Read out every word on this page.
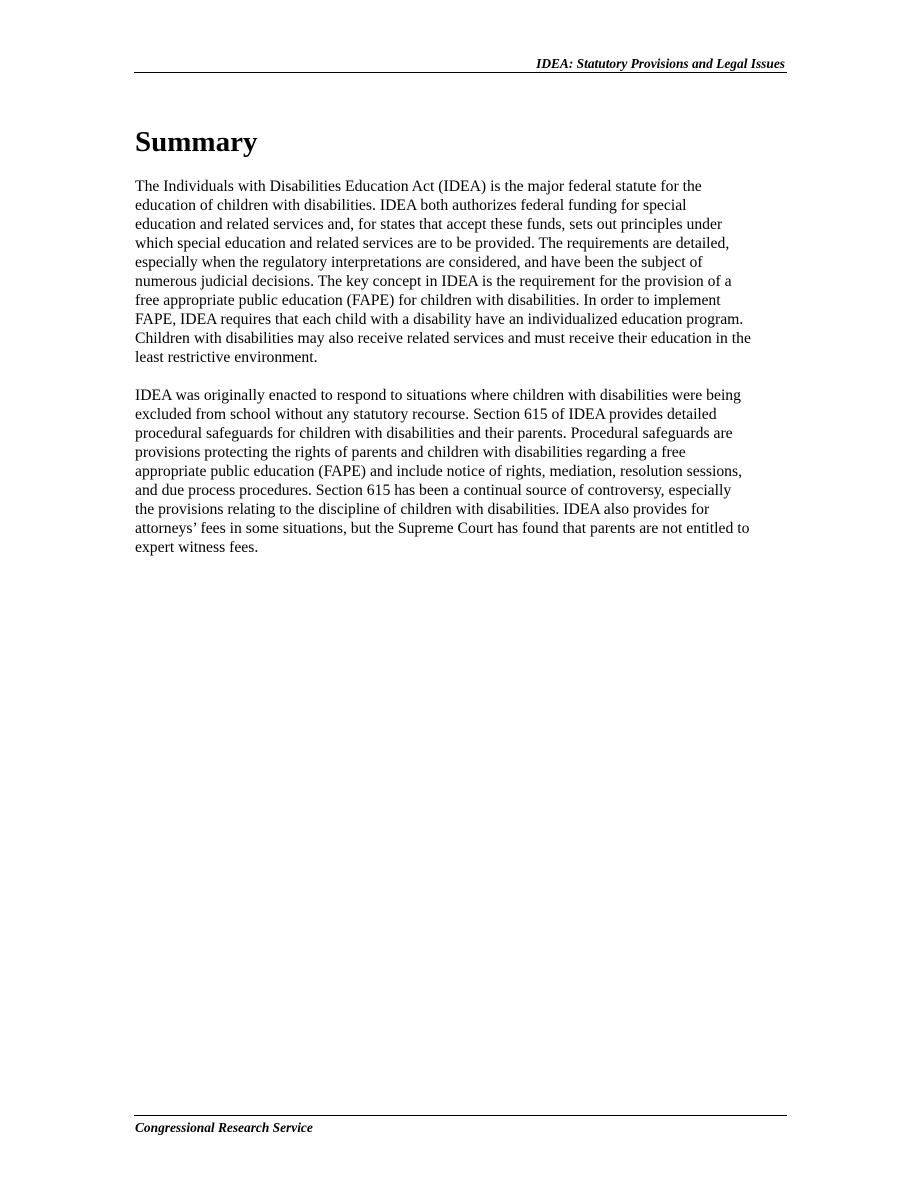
IDEA: Statutory Provisions and Legal Issues
Summary

The Individuals with Disabilities Education Act (IDEA) is the major federal statute for the
education of children with disabilities. IDEA both authorizes federal funding for special
education and related services and, for states that accept these funds, sets out principles under
which special education and related services are to be provided. The requirements are detailed,
especially when the regulatory interpretations are considered, and have been the subject of
numerous judicial decisions. The key concept in IDEA is the requirement for the provision of a
free appropriate public education (FAPE) for children with disabilities. In order to implement
FAPE, IDEA requires that each child with a disability have an individualized education program.
Children with disabilities may also receive related services and must receive their education in the
least restrictive environment.

IDEA was originally enacted to respond to situations where children with disabilities were being
excluded from school without any statutory recourse. Section 615 of IDEA provides detailed
procedural safeguards for children with disabilities and their parents. Procedural safeguards are
provisions protecting the rights of parents and children with disabilities regarding a free
appropriate public education (FAPE) and include notice of rights, mediation, resolution sessions,
and due process procedures. Section 615 has been a continual source of controversy, especially
the provisions relating to the discipline of children with disabilities. IDEA also provides for
attorneys’ fees in some situations, but the Supreme Court has found that parents are not entitled to
expert witness fees.

Congressional Research Service
